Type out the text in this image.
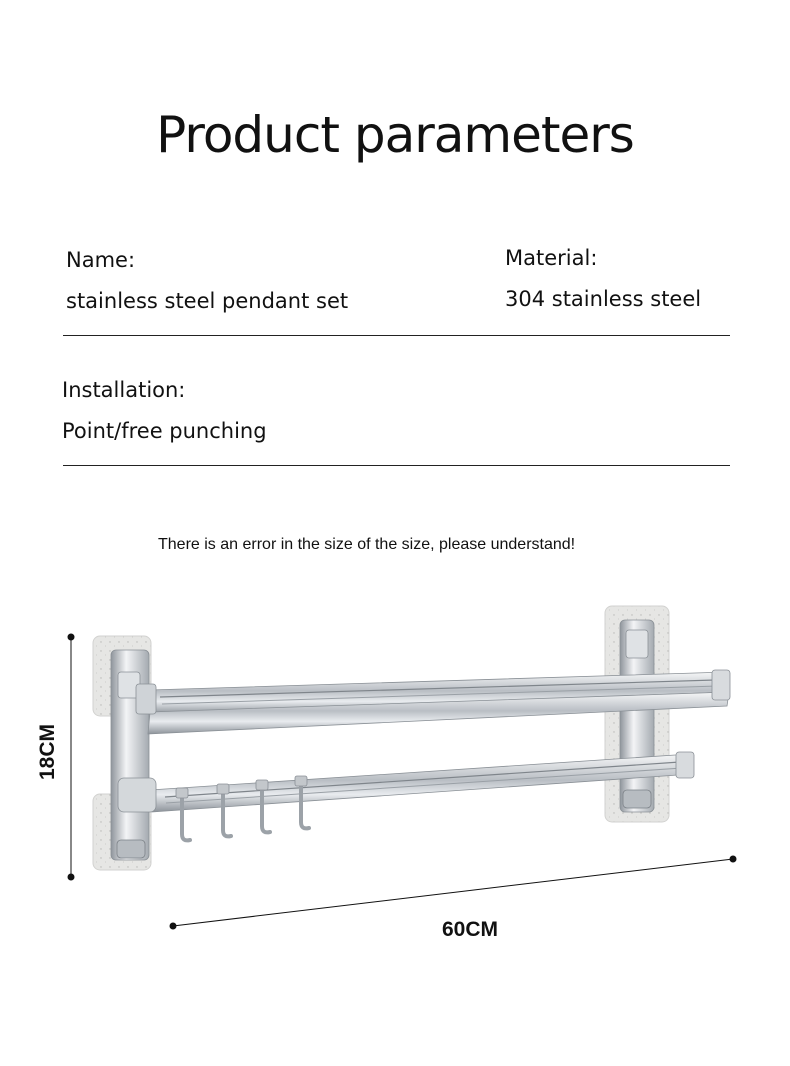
Product parameters
Name:
stainless steel pendant set
Material:
304 stainless steel
Installation:
Point/free punching
There is an error in the size of the size, please understand!
18CM
60CM
